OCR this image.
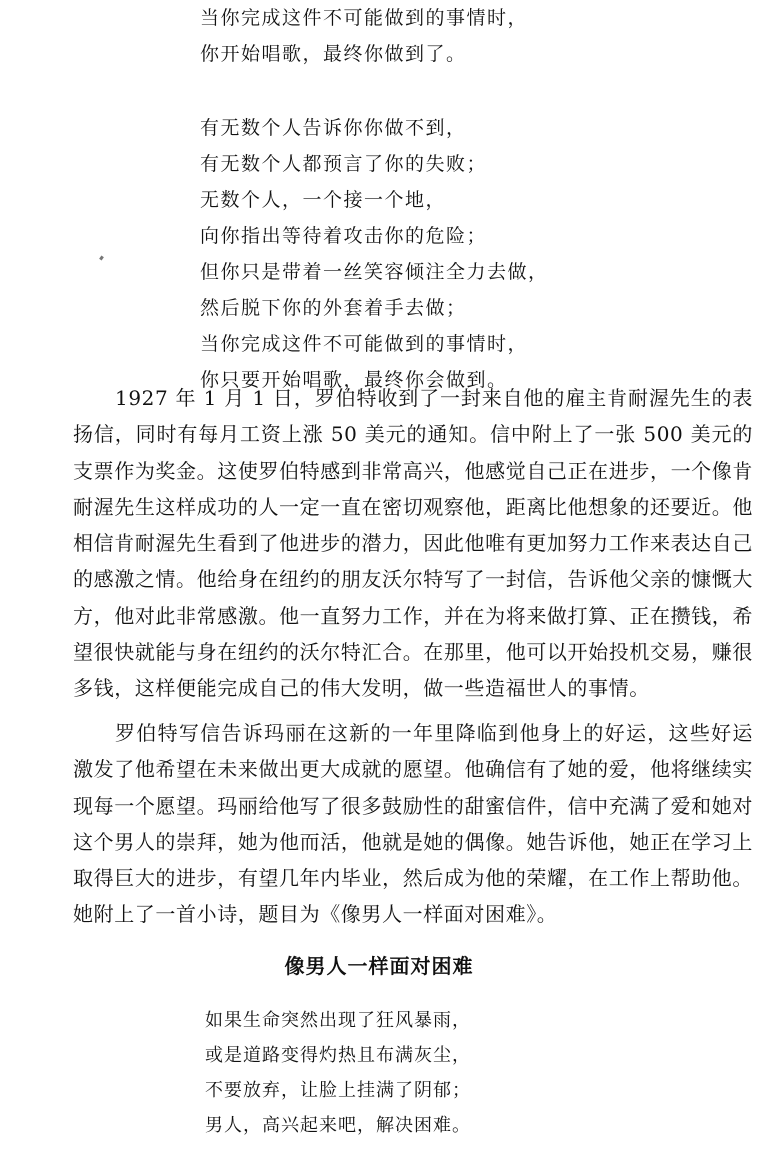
当你完成这件不可能做到的事情时，
你开始唱歌，最终你做到了。
有无数个人告诉你你做不到，
有无数个人都预言了你的失败；
无数个人，一个接一个地，
向你指出等待着攻击你的危险；
但你只是带着一丝笑容倾注全力去做，
然后脱下你的外套着手去做；
当你完成这件不可能做到的事情时，
你只要开始唱歌，最终你会做到。

1927 年 1 月 1 日，罗伯特收到了一封来自他的雇主肯耐渥先生的表扬信，同时有每月工资上涨 50 美元的通知。信中附上了一张 500 美元的支票作为奖金。这使罗伯特感到非常高兴，他感觉自己正在进步，一个像肯耐渥先生这样成功的人一定一直在密切观察他，距离比他想象的还要近。他相信肯耐渥先生看到了他进步的潜力，因此他唯有更加努力工作来表达自己的感激之情。他给身在纽约的朋友沃尔特写了一封信，告诉他父亲的慷慨大方，他对此非常感激。他一直努力工作，并在为将来做打算、正在攒钱，希望很快就能与身在纽约的沃尔特汇合。在那里，他可以开始投机交易，赚很多钱，这样便能完成自己的伟大发明，做一些造福世人的事情。

罗伯特写信告诉玛丽在这新的一年里降临到他身上的好运，这些好运激发了他希望在未来做出更大成就的愿望。他确信有了她的爱，他将继续实现每一个愿望。玛丽给他写了很多鼓励性的甜蜜信件，信中充满了爱和她对这个男人的崇拜，她为他而活，他就是她的偶像。她告诉他，她正在学习上取得巨大的进步，有望几年内毕业，然后成为他的荣耀，在工作上帮助他。她附上了一首小诗，题目为《像男人一样面对困难》。

像男人一样面对困难
如果生命突然出现了狂风暴雨，
或是道路变得灼热且布满灰尘，
不要放弃，让脸上挂满了阴郁；
男人，高兴起来吧，解决困难。
